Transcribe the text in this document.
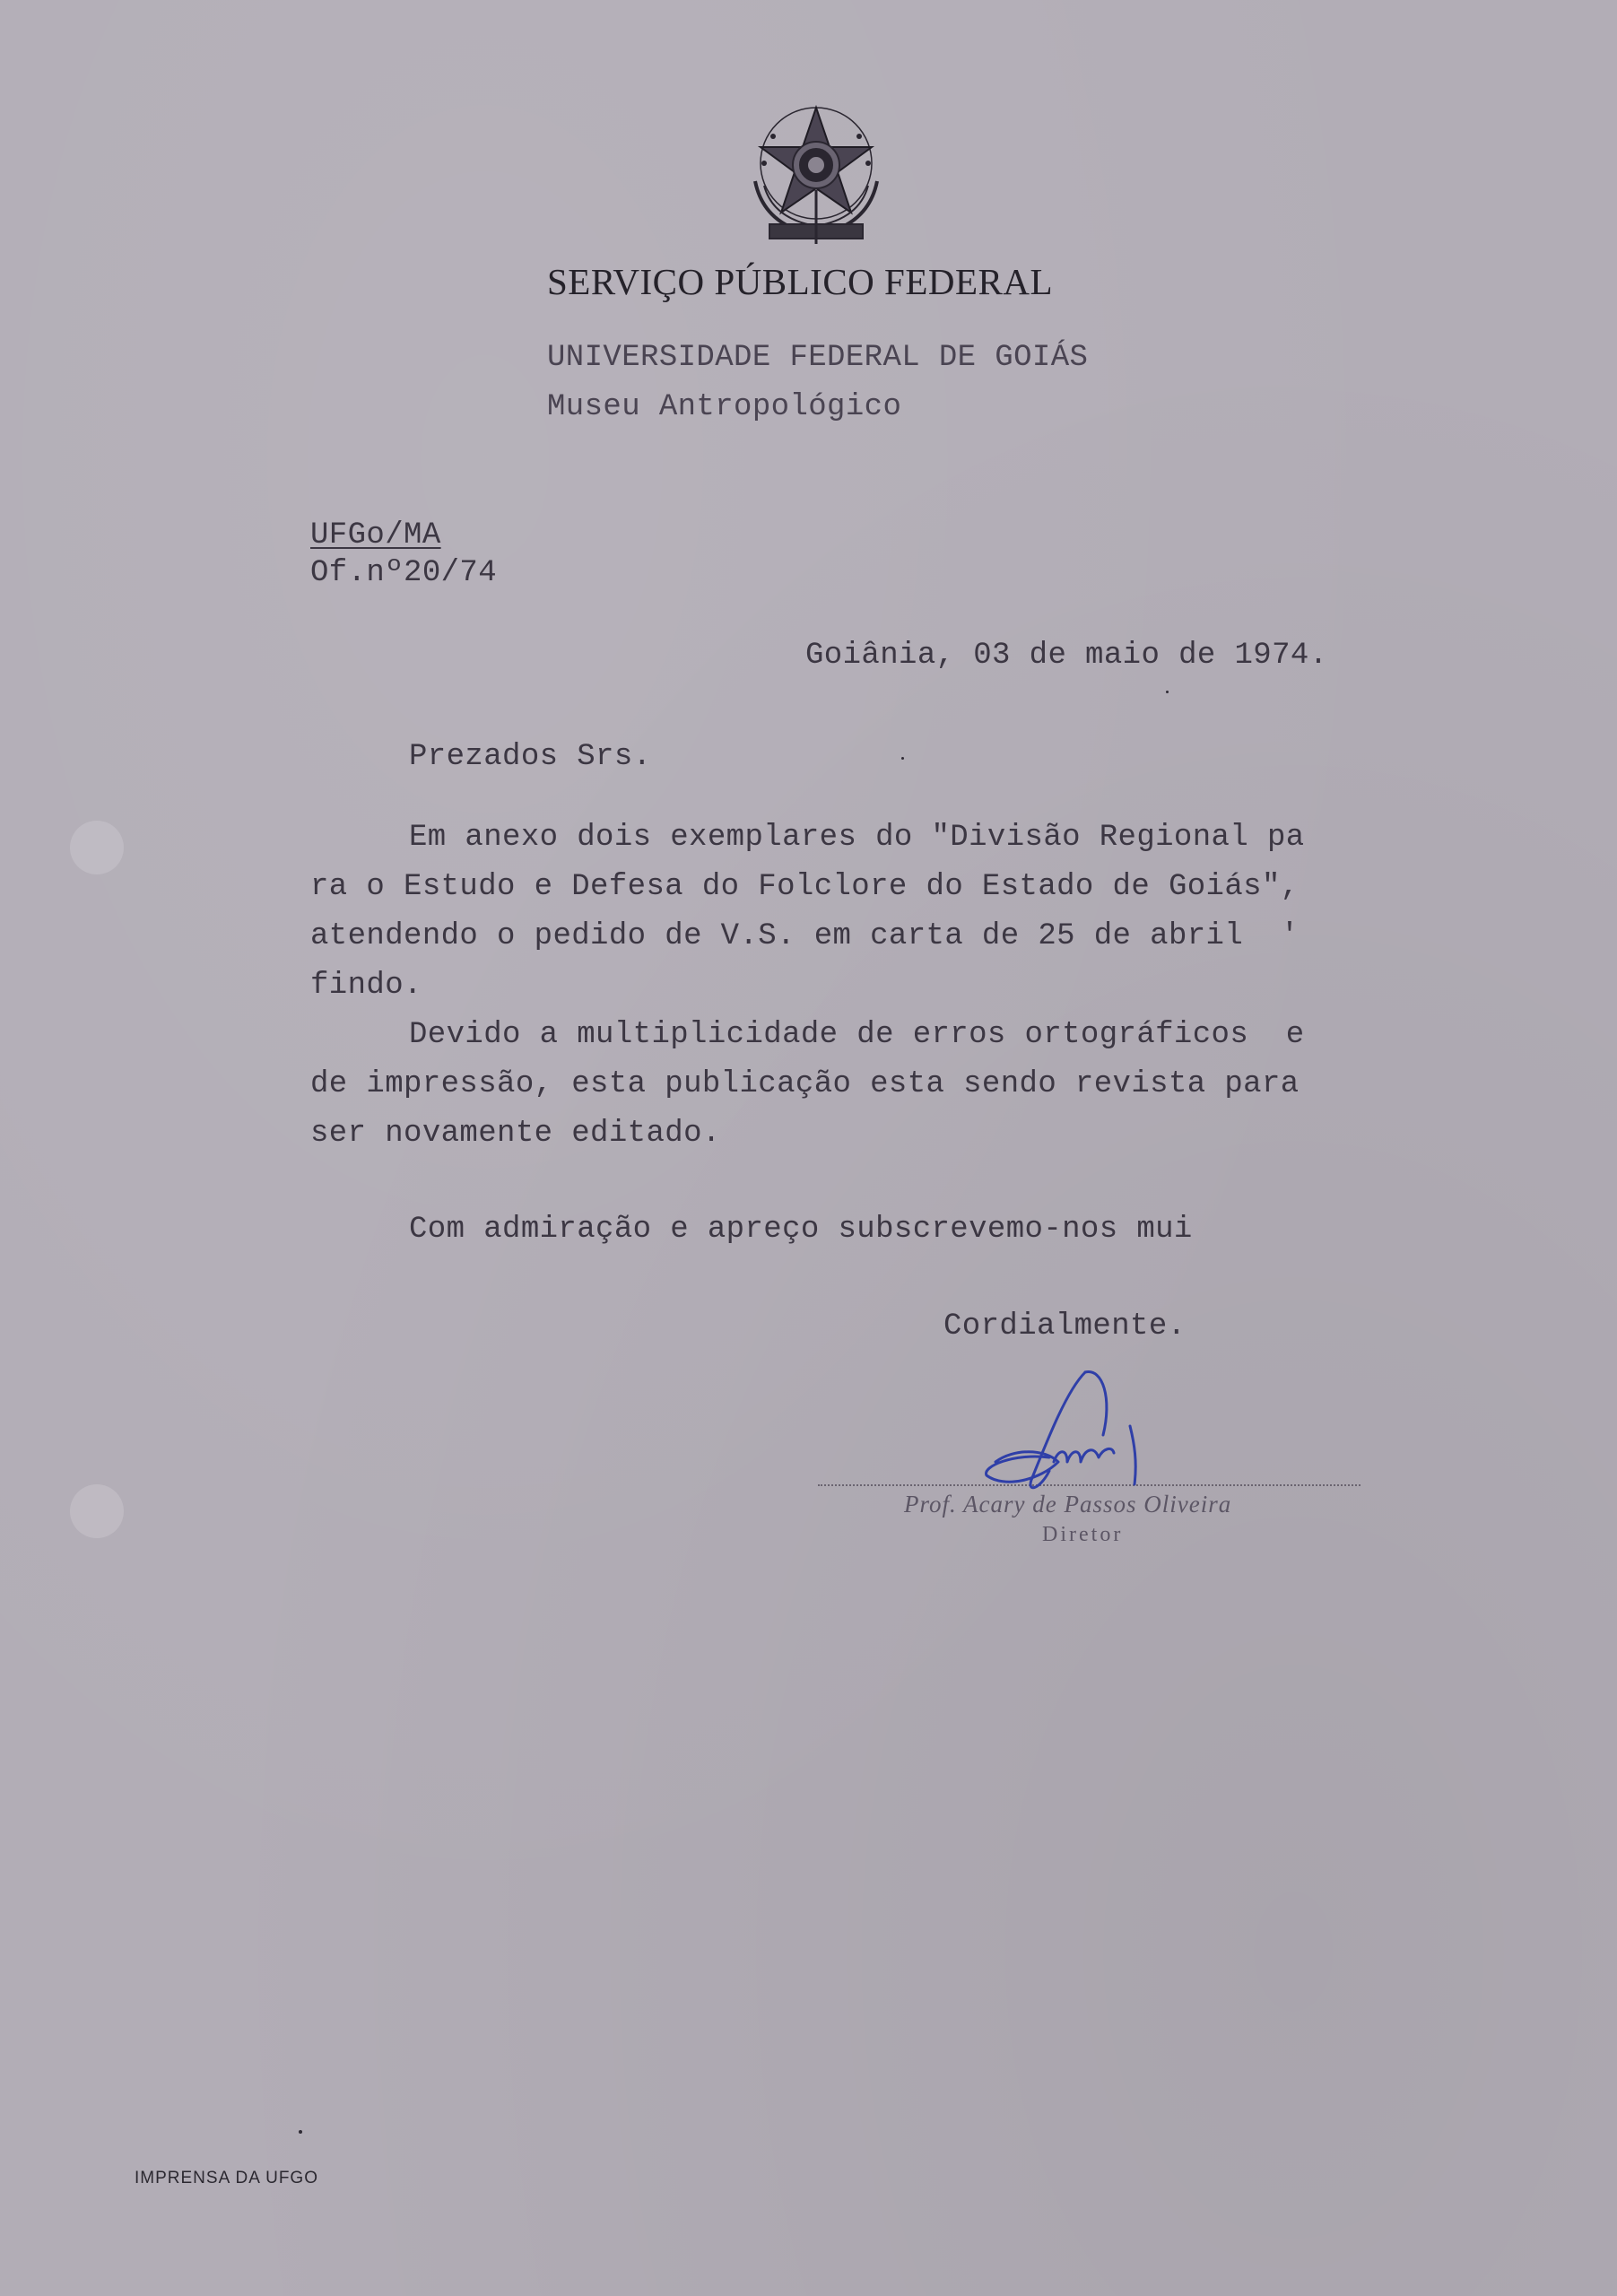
SERVIÇO PÚBLICO FEDERAL
UNIVERSIDADE FEDERAL DE GOIÁS
Museu Antropológico
UFGo/MA
Of.nº20/74
Goiânia, 03 de maio de 1974.
Prezados Srs.
Em anexo dois exemplares do "Divisão Regional pa
ra o Estudo e Defesa do Folclore do Estado de Goiás",
atendendo o pedido de V.S. em carta de 25 de abril  '
findo.
Devido a multiplicidade de erros ortográficos  e
de impressão, esta publicação esta sendo revista para
ser novamente editado.
Com admiração e apreço subscrevemo-nos mui
Cordialmente.
Prof. Acary de Passos Oliveira
Diretor
IMPRENSA DA UFGO
